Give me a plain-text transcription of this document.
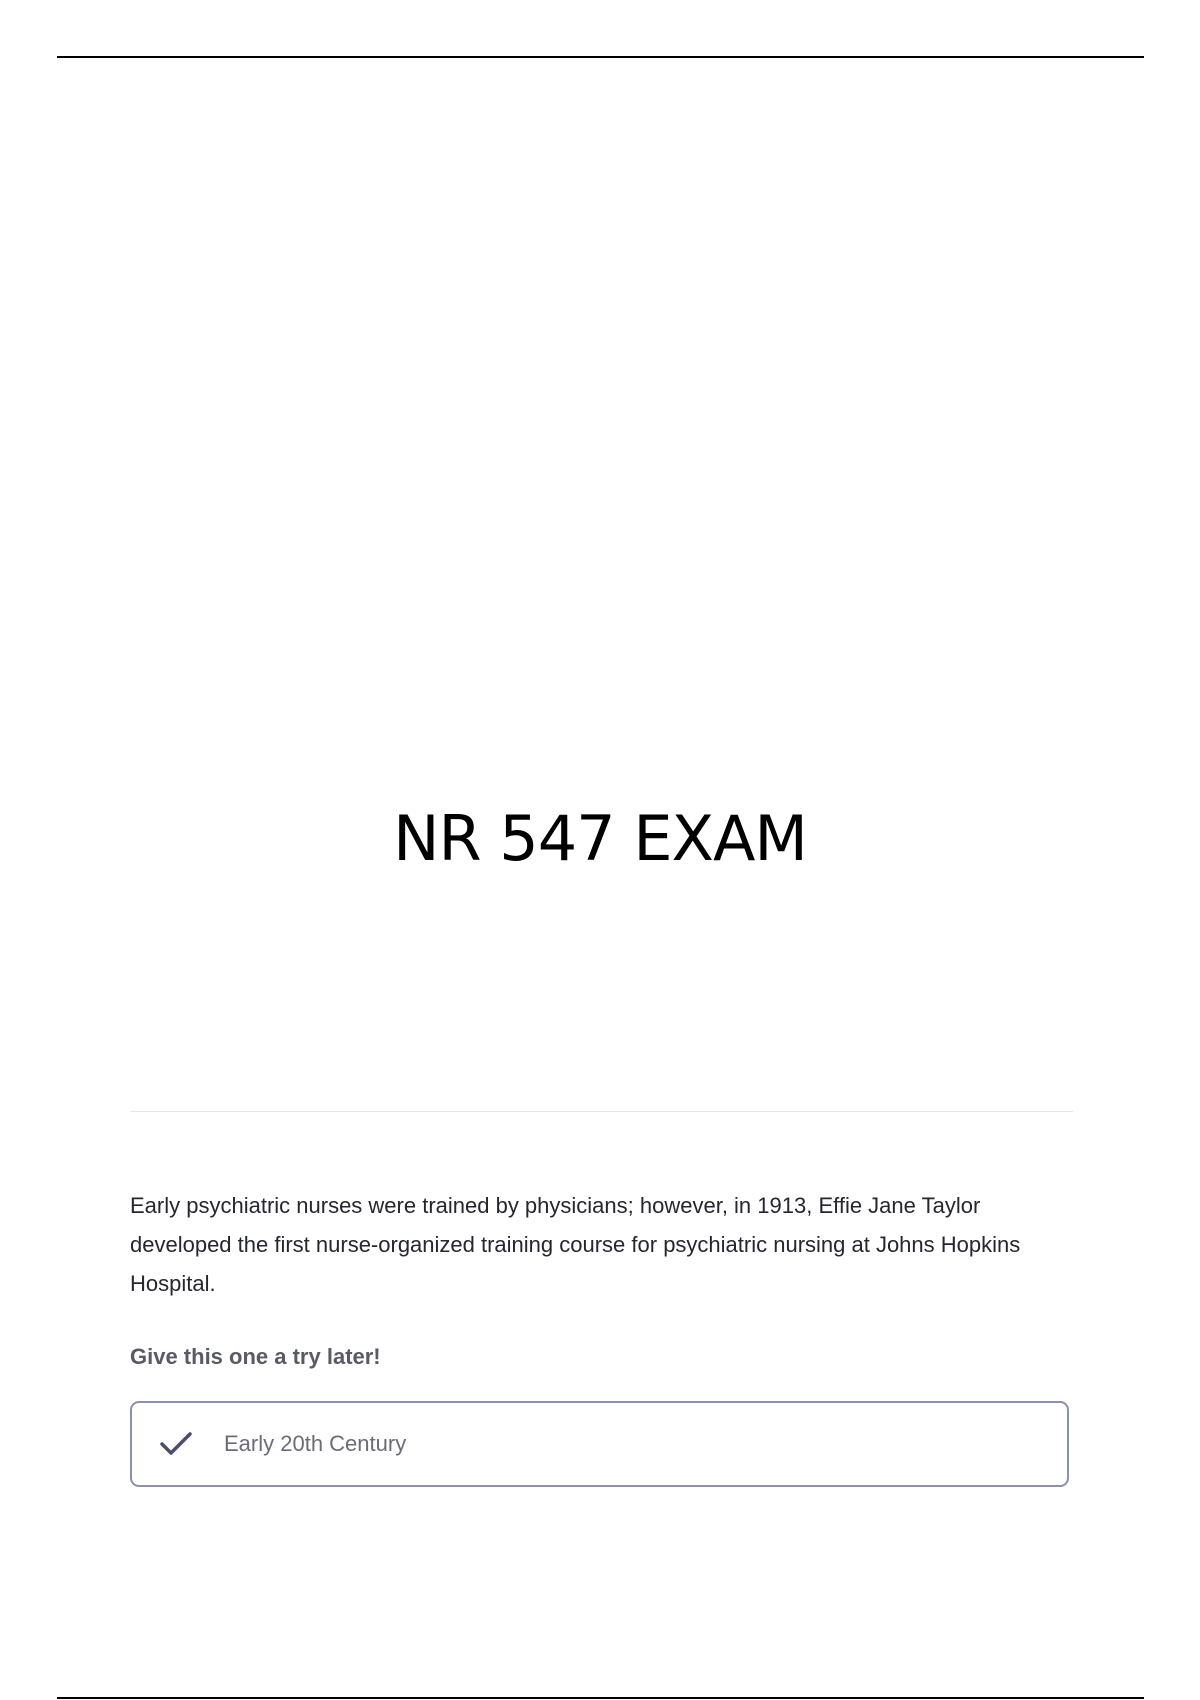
NR 547 EXAM

Early psychiatric nurses were trained by physicians; however, in 1913, Effie Jane Taylor developed the first nurse-organized training course for psychiatric nursing at Johns Hopkins Hospital.

Give this one a try later!

Early 20th Century
